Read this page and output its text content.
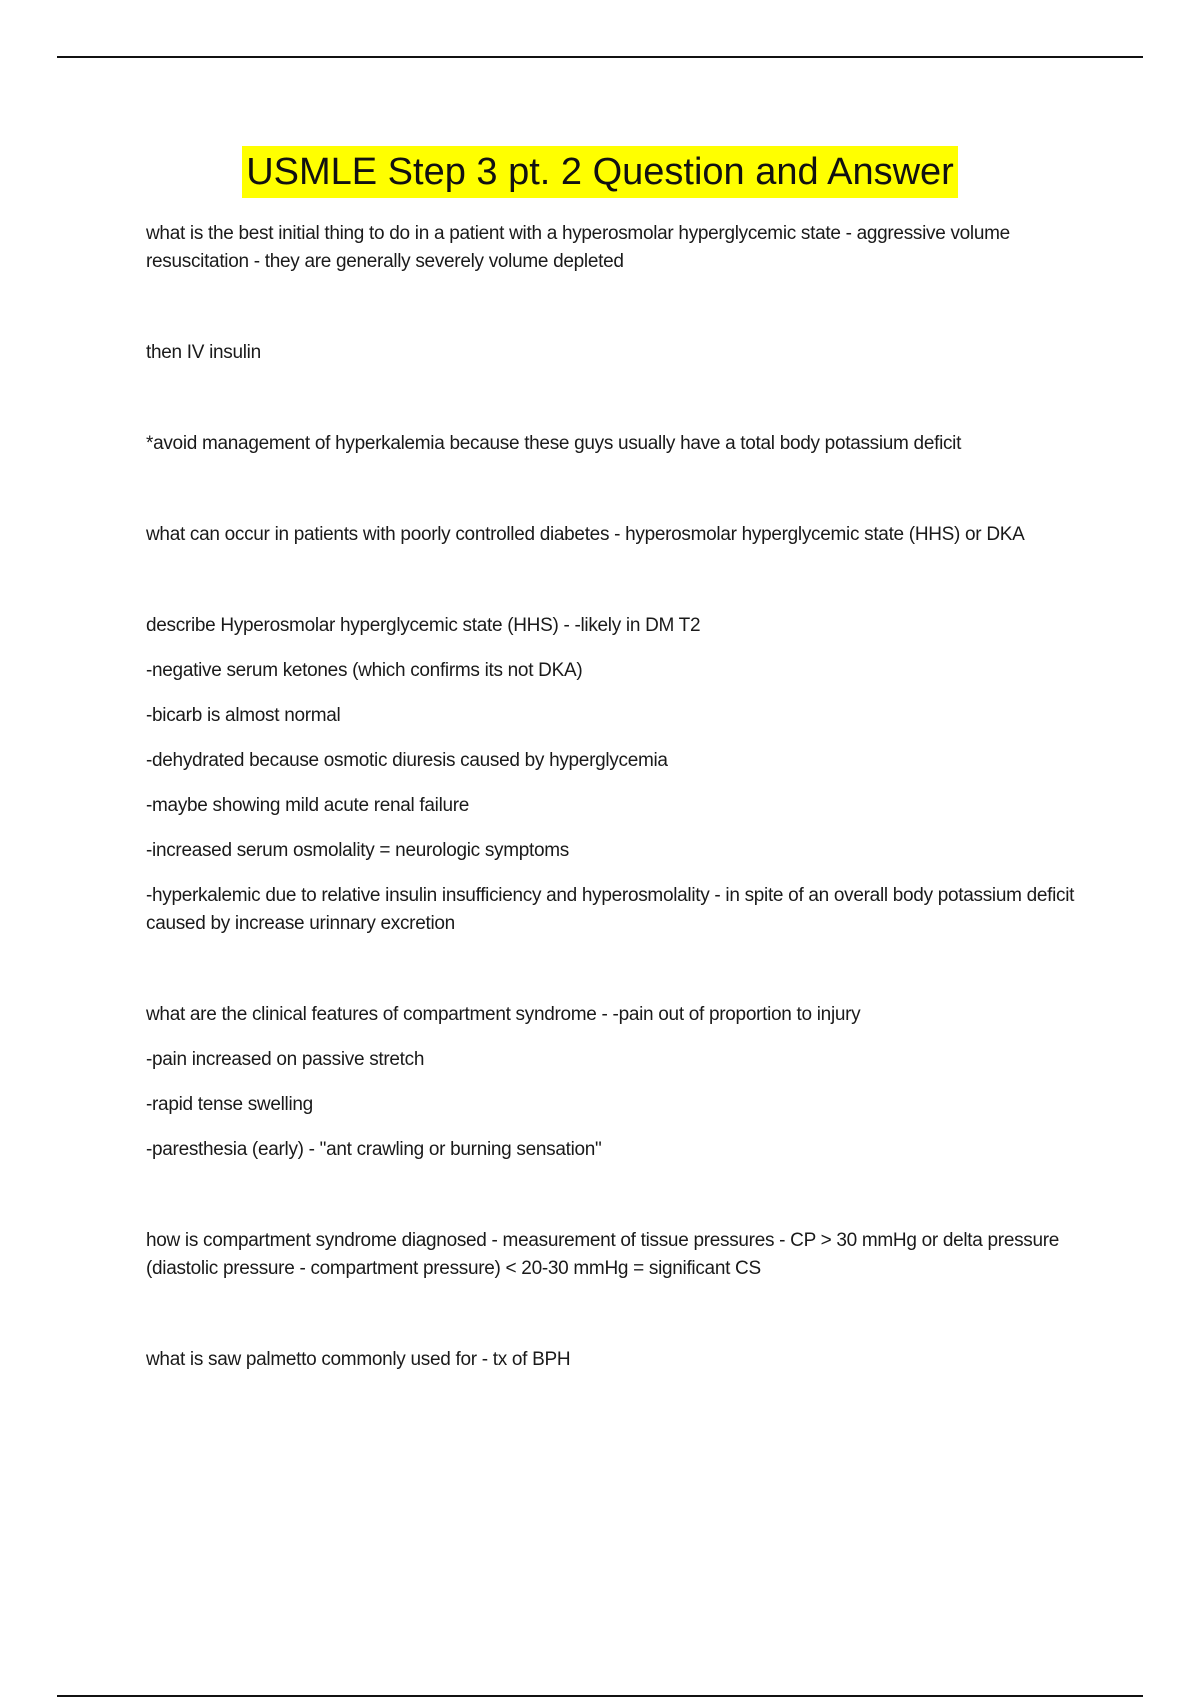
USMLE Step 3 pt. 2 Question and Answer

what is the best initial thing to do in a patient with a hyperosmolar hyperglycemic state - aggressive volume resuscitation - they are generally severely volume depleted

then IV insulin

*avoid management of hyperkalemia because these guys usually have a total body potassium deficit

what can occur in patients with poorly controlled diabetes - hyperosmolar hyperglycemic state (HHS) or DKA

describe Hyperosmolar hyperglycemic state (HHS) - -likely in DM T2

-negative serum ketones (which confirms its not DKA)

-bicarb is almost normal

-dehydrated because osmotic diuresis caused by hyperglycemia

-maybe showing mild acute renal failure

-increased serum osmolality = neurologic symptoms

-hyperkalemic due to relative insulin insufficiency and hyperosmolality - in spite of an overall body potassium deficit caused by increase urinnary excretion

what are the clinical features of compartment syndrome - -pain out of proportion to injury

-pain increased on passive stretch

-rapid tense swelling

-paresthesia (early) - "ant crawling or burning sensation"

how is compartment syndrome diagnosed - measurement of tissue pressures - CP > 30 mmHg or delta pressure (diastolic pressure - compartment pressure) < 20-30 mmHg = significant CS

what is saw palmetto commonly used for - tx of BPH
